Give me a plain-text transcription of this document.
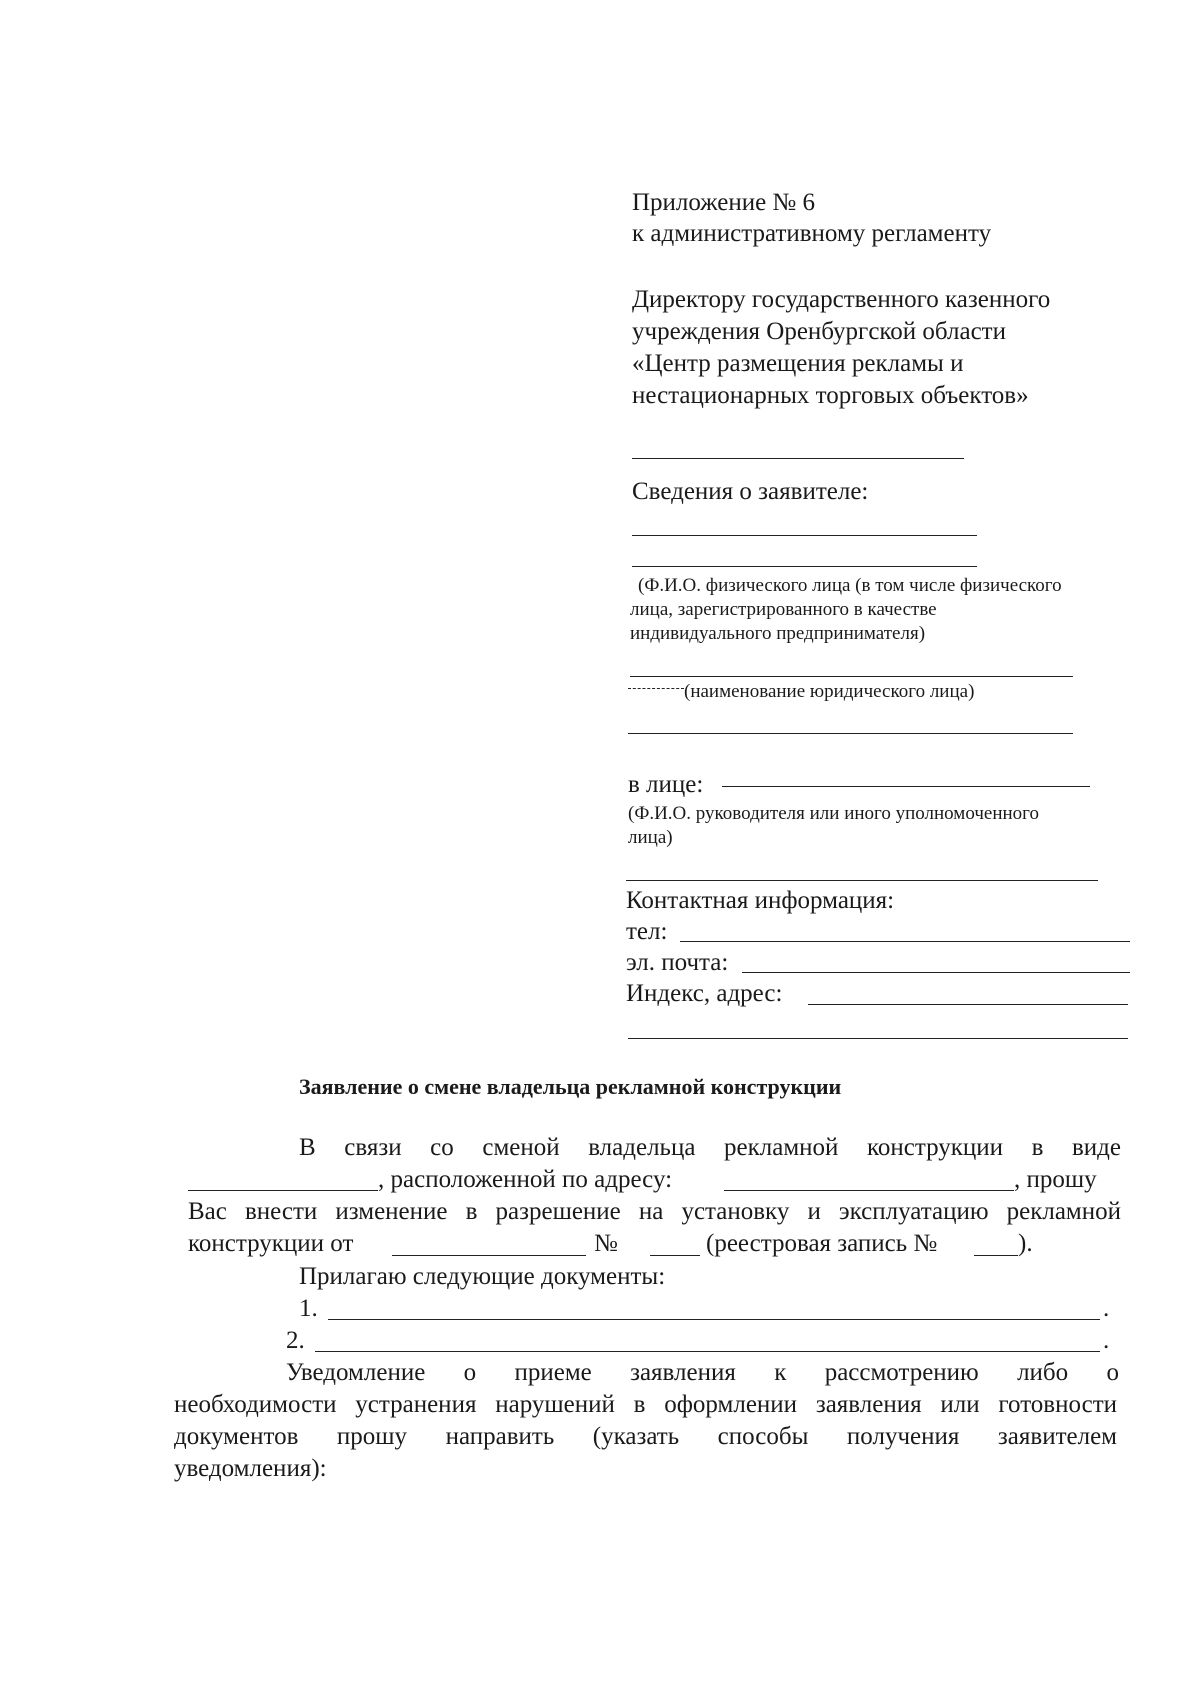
Приложение № 6
к административному регламенту
Директору государственного казенного
учреждения Оренбургской области
«Центр размещения рекламы и
нестационарных торговых объектов»
Сведения о заявителе:
(Ф.И.О. физического лица (в том числе физического
лица, зарегистрированного в качестве
индивидуального предпринимателя)
(наименование юридического лица)
в лице:
(Ф.И.О. руководителя или иного уполномоченного
лица)
Контактная информация:
тел:
эл. почта:
Индекс, адрес:
Заявление о смене владельца рекламной конструкции
В связи со сменой владельца рекламной конструкции в виде
, расположенной по адресу:	, прошу
Вас внести изменение в разрешение на установку и эксплуатацию рекламной
конструкции от	№	(реестровая запись №	).
Прилагаю следующие документы:
1.	.
2.	.
Уведомление о приеме заявления к рассмотрению либо о
необходимости устранения нарушений в оформлении заявления или готовности
документов прошу направить (указать способы получения заявителем
уведомления):
